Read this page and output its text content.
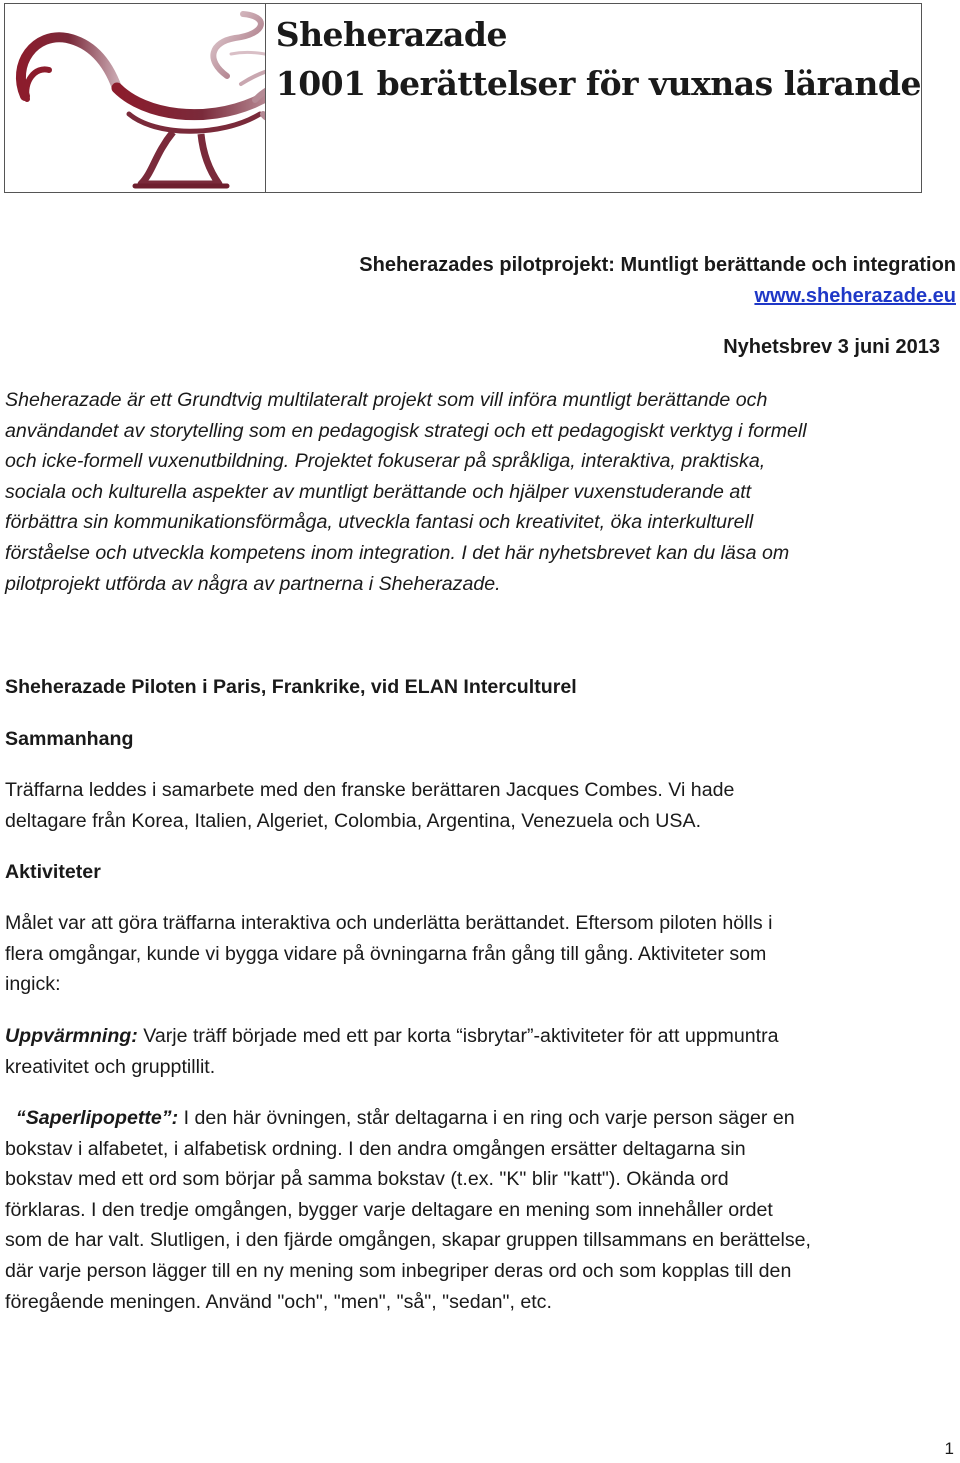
Sheherazade
1001 berättelser för vuxnas lärande
Sheherazades pilotprojekt: Muntligt berättande och integration
www.sheherazade.eu
Nyhetsbrev 3 juni 2013
Sheherazade är ett Grundtvig multilateralt projekt som vill införa muntligt berättande och
användandet av storytelling som en pedagogisk strategi och ett pedagogiskt verktyg i formell
och icke-formell vuxenutbildning. Projektet fokuserar på språkliga, interaktiva, praktiska,
sociala och kulturella aspekter av muntligt berättande och hjälper vuxenstuderande att
förbättra sin kommunikationsförmåga, utveckla fantasi och kreativitet, öka interkulturell
förståelse och utveckla kompetens inom integration. I det här nyhetsbrevet kan du läsa om
pilotprojekt utförda av några av partnerna i Sheherazade.
Sheherazade Piloten i Paris, Frankrike, vid ELAN Interculturel
Sammanhang
Träffarna leddes i samarbete med den franske berättaren Jacques Combes. Vi hade
deltagare från Korea, Italien, Algeriet, Colombia, Argentina, Venezuela och USA.
Aktiviteter
Målet var att göra träffarna interaktiva och underlätta berättandet. Eftersom piloten hölls i
flera omgångar, kunde vi bygga vidare på övningarna från gång till gång. Aktiviteter som
ingick:
Uppvärmning: Varje träff började med ett par korta “isbrytar”-aktiviteter för att uppmuntra
kreativitet och grupptillit.
“Saperlipopette”: I den här övningen, står deltagarna i en ring och varje person säger en
bokstav i alfabetet, i alfabetisk ordning. I den andra omgången ersätter deltagarna sin
bokstav med ett ord som börjar på samma bokstav (t.ex. "K" blir "katt"). Okända ord
förklaras. I den tredje omgången, bygger varje deltagare en mening som innehåller ordet
som de har valt. Slutligen, i den fjärde omgången, skapar gruppen tillsammans en berättelse,
där varje person lägger till en ny mening som inbegriper deras ord och som kopplas till den
föregående meningen. Använd "och", "men", "så", "sedan", etc.
1
